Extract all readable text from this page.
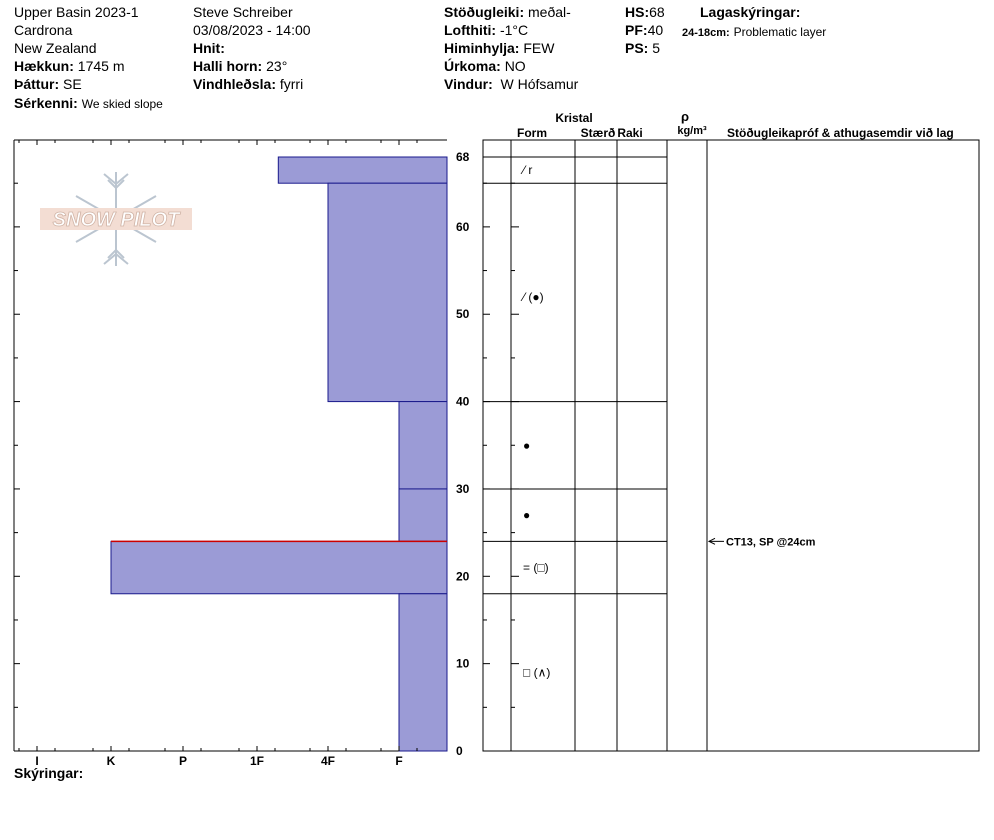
Upper Basin 2023-1
Cardrona
New Zealand
Hækkun: 1745 m
Þáttur: SE
Sérkenni: We skied slope
Steve Schreiber
03/08/2023 - 14:00
Hnit:
Halli horn: 23°
Vindhleðsla: fyrri
Stöðugleiki: meðal-
Lofthiti: -1°C
Himinhylja: FEW
Úrkoma: NO
Vindur: W Hófsamur
HS:68
PF:40
PS: 5
Lagaskýringar:
24-18cm: Problematic layer
SNOW PILOT
I	K	P	1F	4F	F
0
10
20
30
40
50
60
68
⁄ r
⁄ (●)
●
●
= (□)
□ (∧)
Kristal
Form	Stærð Raki
ρ
kg/m³ Stöðugleikapróf & athugasemdir við lag
CT13, SP @24cm
Skýringar:
